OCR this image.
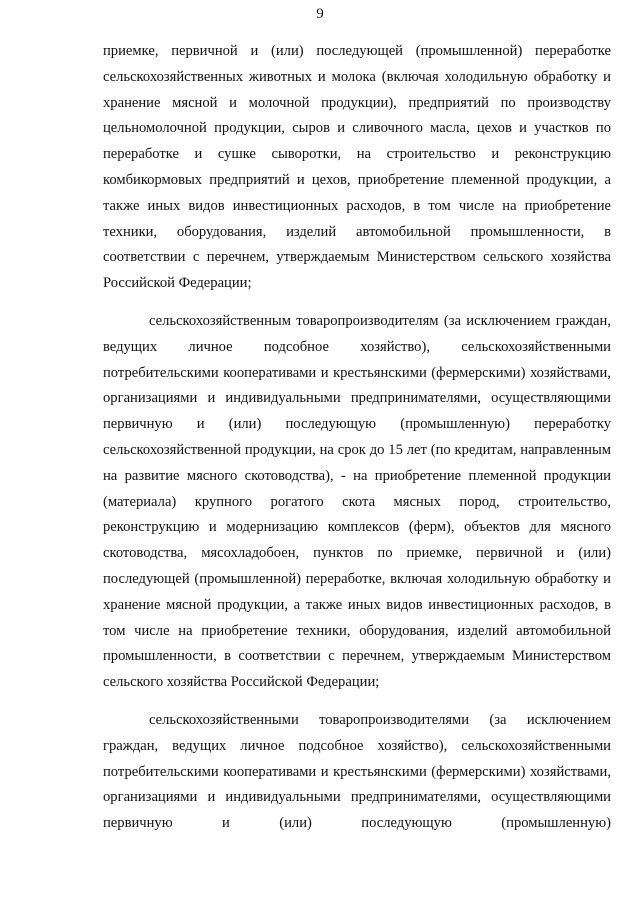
9

приемке, первичной и (или) последующей (промышленной) переработке сельскохозяйственных животных и молока (включая холодильную обработку и хранение мясной и молочной продукции), предприятий по производству цельномолочной продукции, сыров и сливочного масла, цехов и участков по переработке и сушке сыворотки, на строительство и реконструкцию комбикормовых предприятий и цехов, приобретение племенной продукции, а также иных видов инвестиционных расходов, в том числе на приобретение техники, оборудования, изделий автомобильной промышленности, в соответствии с перечнем, утверждаемым Министерством сельского хозяйства Российской Федерации;

сельскохозяйственным товаропроизводителям (за исключением граждан, ведущих личное подсобное хозяйство), сельскохозяйственными потребительскими кооперативами и крестьянскими (фермерскими) хозяйствами, организациями и индивидуальными предпринимателями, осуществляющими первичную и (или) последующую (промышленную) переработку сельскохозяйственной продукции, на срок до 15 лет (по кредитам, направленным на развитие мясного скотоводства), - на приобретение племенной продукции (материала) крупного рогатого скота мясных пород, строительство, реконструкцию и модернизацию комплексов (ферм), объектов для мясного скотоводства, мясохладобоен, пунктов по приемке, первичной и (или) последующей (промышленной) переработке, включая холодильную обработку и хранение мясной продукции, а также иных видов инвестиционных расходов, в том числе на приобретение техники, оборудования, изделий автомобильной промышленности, в соответствии с перечнем, утверждаемым Министерством сельского хозяйства Российской Федерации;

сельскохозяйственными товаропроизводителями (за исключением граждан, ведущих личное подсобное хозяйство), сельскохозяйственными потребительскими кооперативами и крестьянскими (фермерскими) хозяйствами, организациями и индивидуальными предпринимателями, осуществляющими первичную и (или) последующую (промышленную)
